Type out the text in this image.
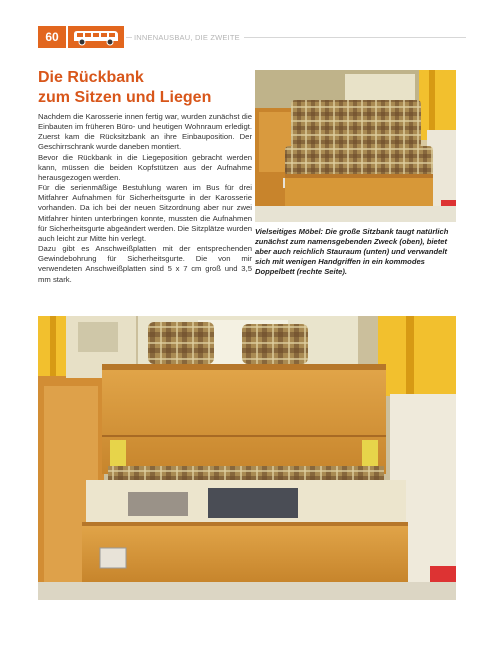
60	INNENAUSBAU, DIE ZWEITE
Die Rückbank
zum Sitzen und Liegen

Nachdem die Karosserie innen fertig war, wurden zunächst die Einbauten im früheren Büro- und heutigen Wohnraum erledigt. Zuerst kam die Rücksitzbank an ihre Einbauposition. Der Geschirrschrank wurde daneben montiert.

Bevor die Rückbank in die Liegeposition gebracht werden kann, müssen die beiden Kopfstützen aus der Aufnahme herausgezogen werden.

Für die serienmäßige Bestuhlung waren im Bus für drei Mitfahrer Aufnahmen für Sicherheitsgurte in der Karosserie vorhanden. Da ich bei der neuen Sitzordnung aber nur zwei Mitfahrer hinten unterbringen konnte, mussten die Aufnahmen für Sicherheitsgurte abgeändert werden. Die Sitzplätze wurden auch leicht zur Mitte hin verlegt.

Dazu gibt es Anschweißplatten mit der entsprechenden Gewindebohrung für Sicherheitsgurte. Die von mir verwendeten Anschweißplatten sind 5 x 7 cm groß und 3,5 mm stark.

Vielseitiges Möbel: Die große Sitzbank taugt natürlich zunächst zum namensgebenden Zweck (oben), bietet aber auch reichlich Stauraum (unten) und verwandelt sich mit wenigen Handgriffen in ein kommodes Doppelbett (rechte Seite).
